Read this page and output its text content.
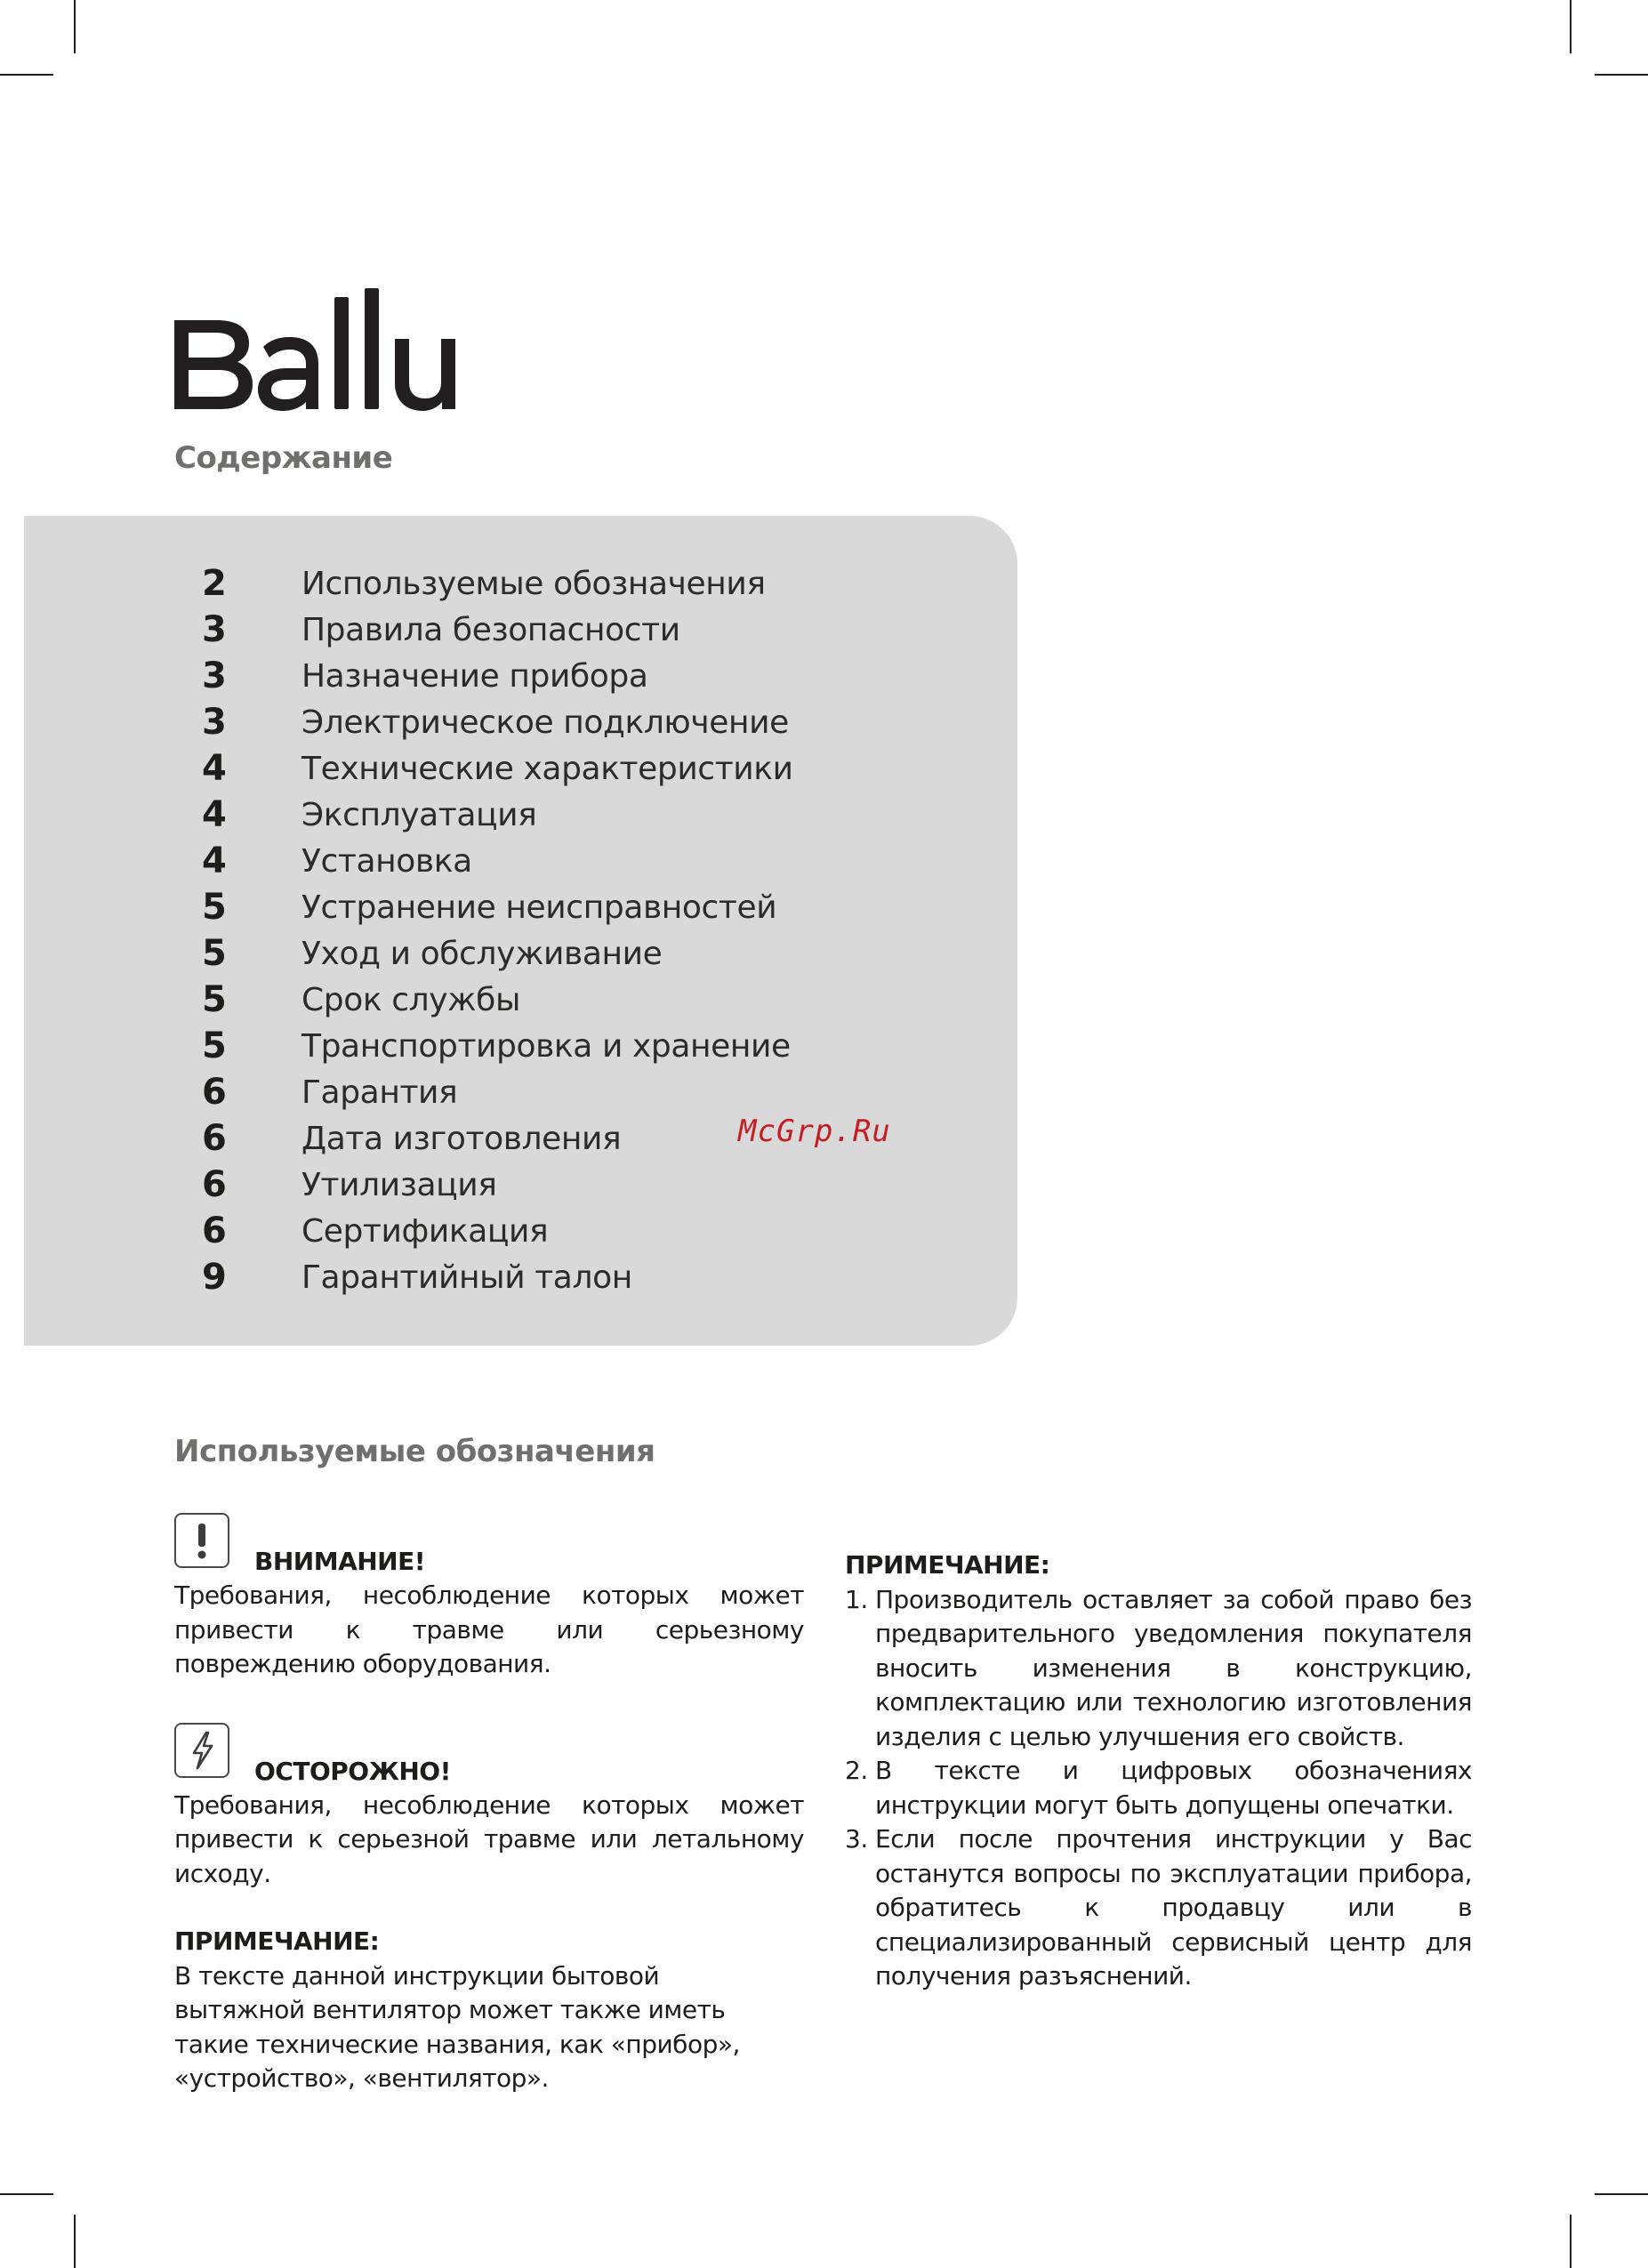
Содержание
2	Используемые обозначения
3	Правила безопасности
3	Назначение прибора
3	Электрическое подключение
4	Технические характеристики
4	Эксплуатация
4	Установка
5	Устранение неисправностей
5	Уход и обслуживание
5	Срок службы
5	Транспортировка и хранение
6	Гарантия
6	Дата изготовления
6	Утилизация
6	Сертификация
9	Гарантийный талон
McGrp.Ru
Используемые обозначения
ВНИМАНИЕ!

Требования, несоблюдение которых может привести к травме или серьезному повреждению оборудования.

ОСТОРОЖНО!

Требования, несоблюдение которых может привести к серьезной травме или летальному исходу.

ПРИМЕЧАНИЕ:

В тексте данной инструкции бытовой вытяжной вентилятор может также иметь такие технические названия, как «прибор», «устройство», «вентилятор».

ПРИМЕЧАНИЕ:

1. Производитель оставляет за собой право без предварительного уведомления покупателя вносить изменения в конструкцию, комплектацию или технологию изготовления изделия с целью улучшения его свойств.
2. В тексте и цифровых обозначениях инструкции могут быть допущены опечатки.
3. Если после прочтения инструкции у Вас останутся вопросы по эксплуатации прибора, обратитесь к продавцу или в специализированный сервисный центр для получения разъяснений.
